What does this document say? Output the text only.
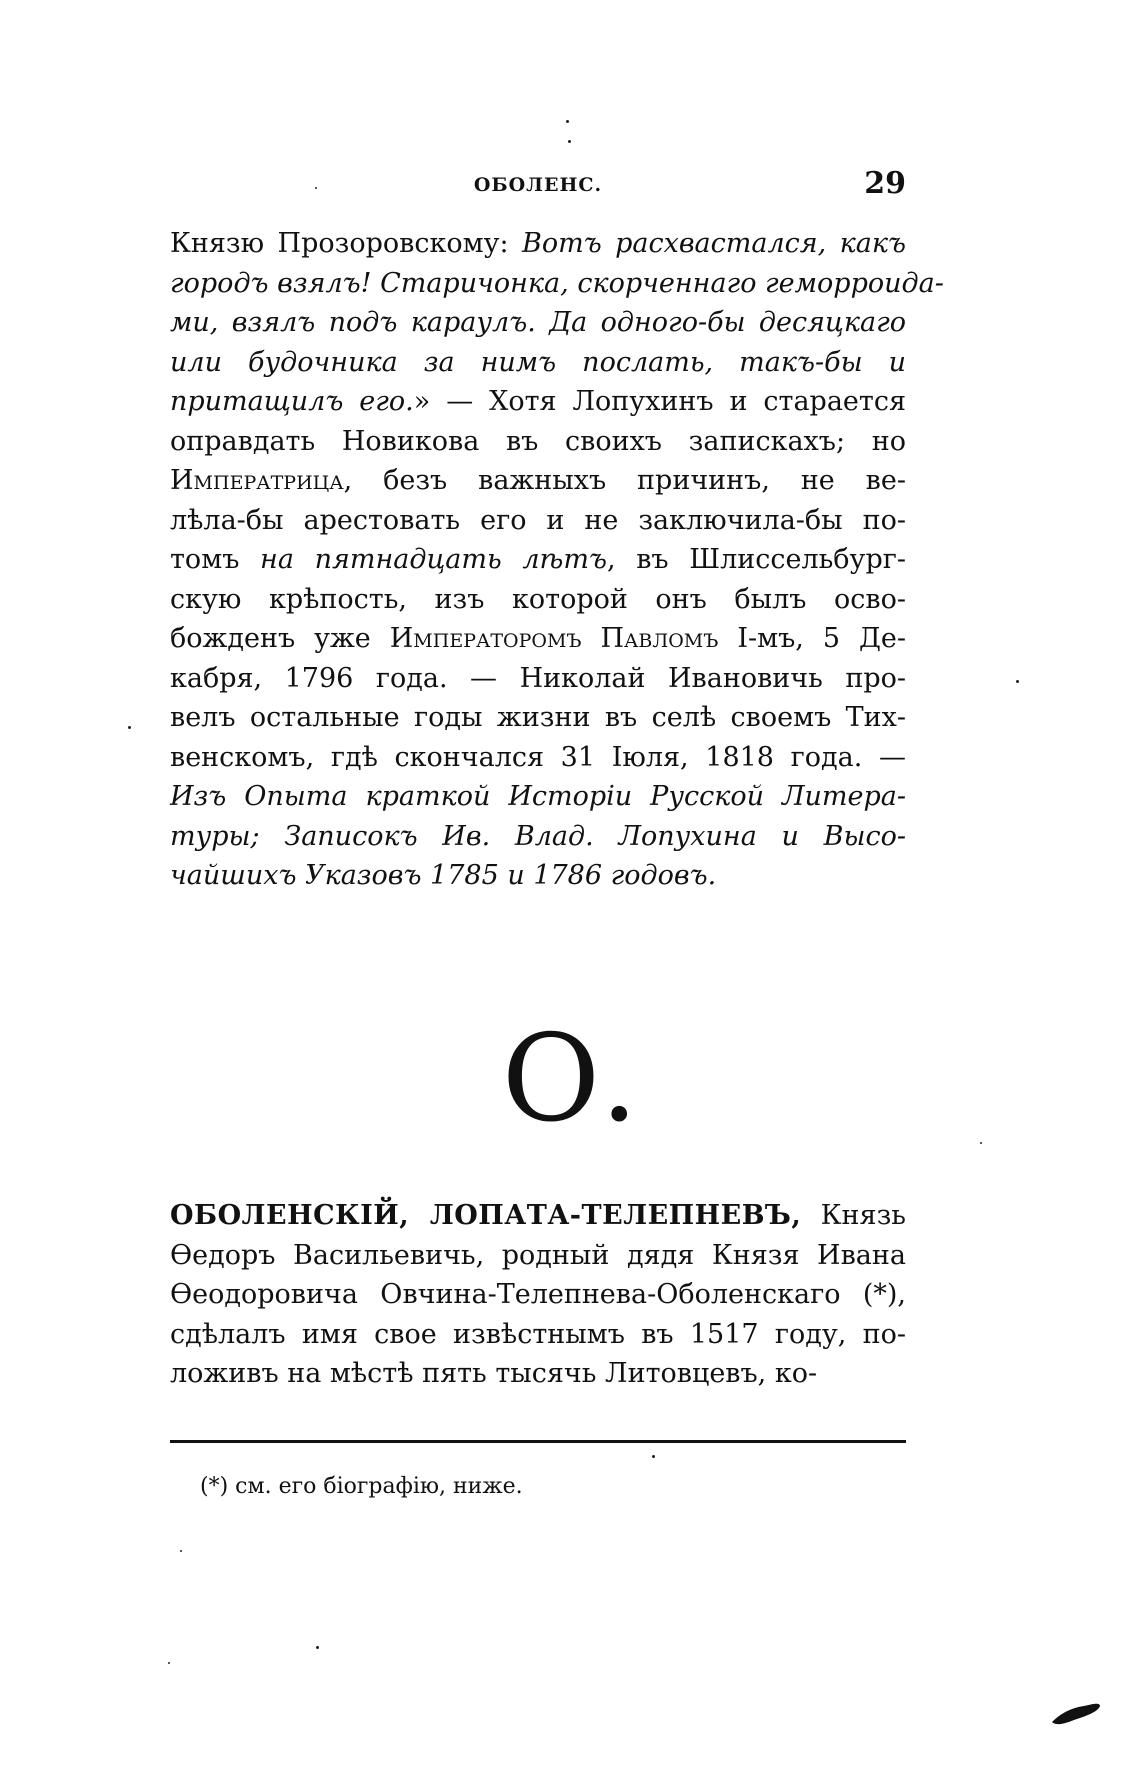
ОБОЛЕНС.	29
Князю Прозоровскому: Вотъ расхвастался, какъ
городъ взялъ! Старичонка, скорченнаго геморроида-
ми, взялъ подъ караулъ. Да одного-бы десяцкаго
или будочника за нимъ послать, такъ-бы и
притащилъ его.» — Хотя Лопухинъ и старается
оправдать Новикова въ своихъ запискахъ; но
Императрица, безъ важныхъ причинъ, не ве-
лѣла-бы арестовать его и не заключила-бы по-
томъ на пятнадцать лѣтъ, въ Шлиссельбург-
скую крѣпость, изъ которой онъ былъ осво-
божденъ уже Императоромъ Павломъ I-мъ, 5 Де-
кабря, 1796 года. — Николай Ивановичь про-
велъ остальные годы жизни въ селѣ своемъ Тих-
венскомъ, гдѣ скончался 31 Іюля, 1818 года. —
Изъ Опыта краткой Исторіи Русской Литера-
туры; Записокъ Ив. Влад. Лопухина и Высо-
чайшихъ Указовъ 1785 и 1786 годовъ.
О.
ОБОЛЕНСКІЙ, ЛОПАТА-ТЕЛЕПНЕВЪ, Князь
Ѳедоръ Васильевичь, родный дядя Князя Ивана
Ѳеодоровича Овчина-Телепнева-Оболенскаго (*),
сдѣлалъ имя свое извѣстнымъ въ 1517 году, по-
ложивъ на мѣстѣ пять тысячь Литовцевъ, ко-
(*) см. его біографію, ниже.
